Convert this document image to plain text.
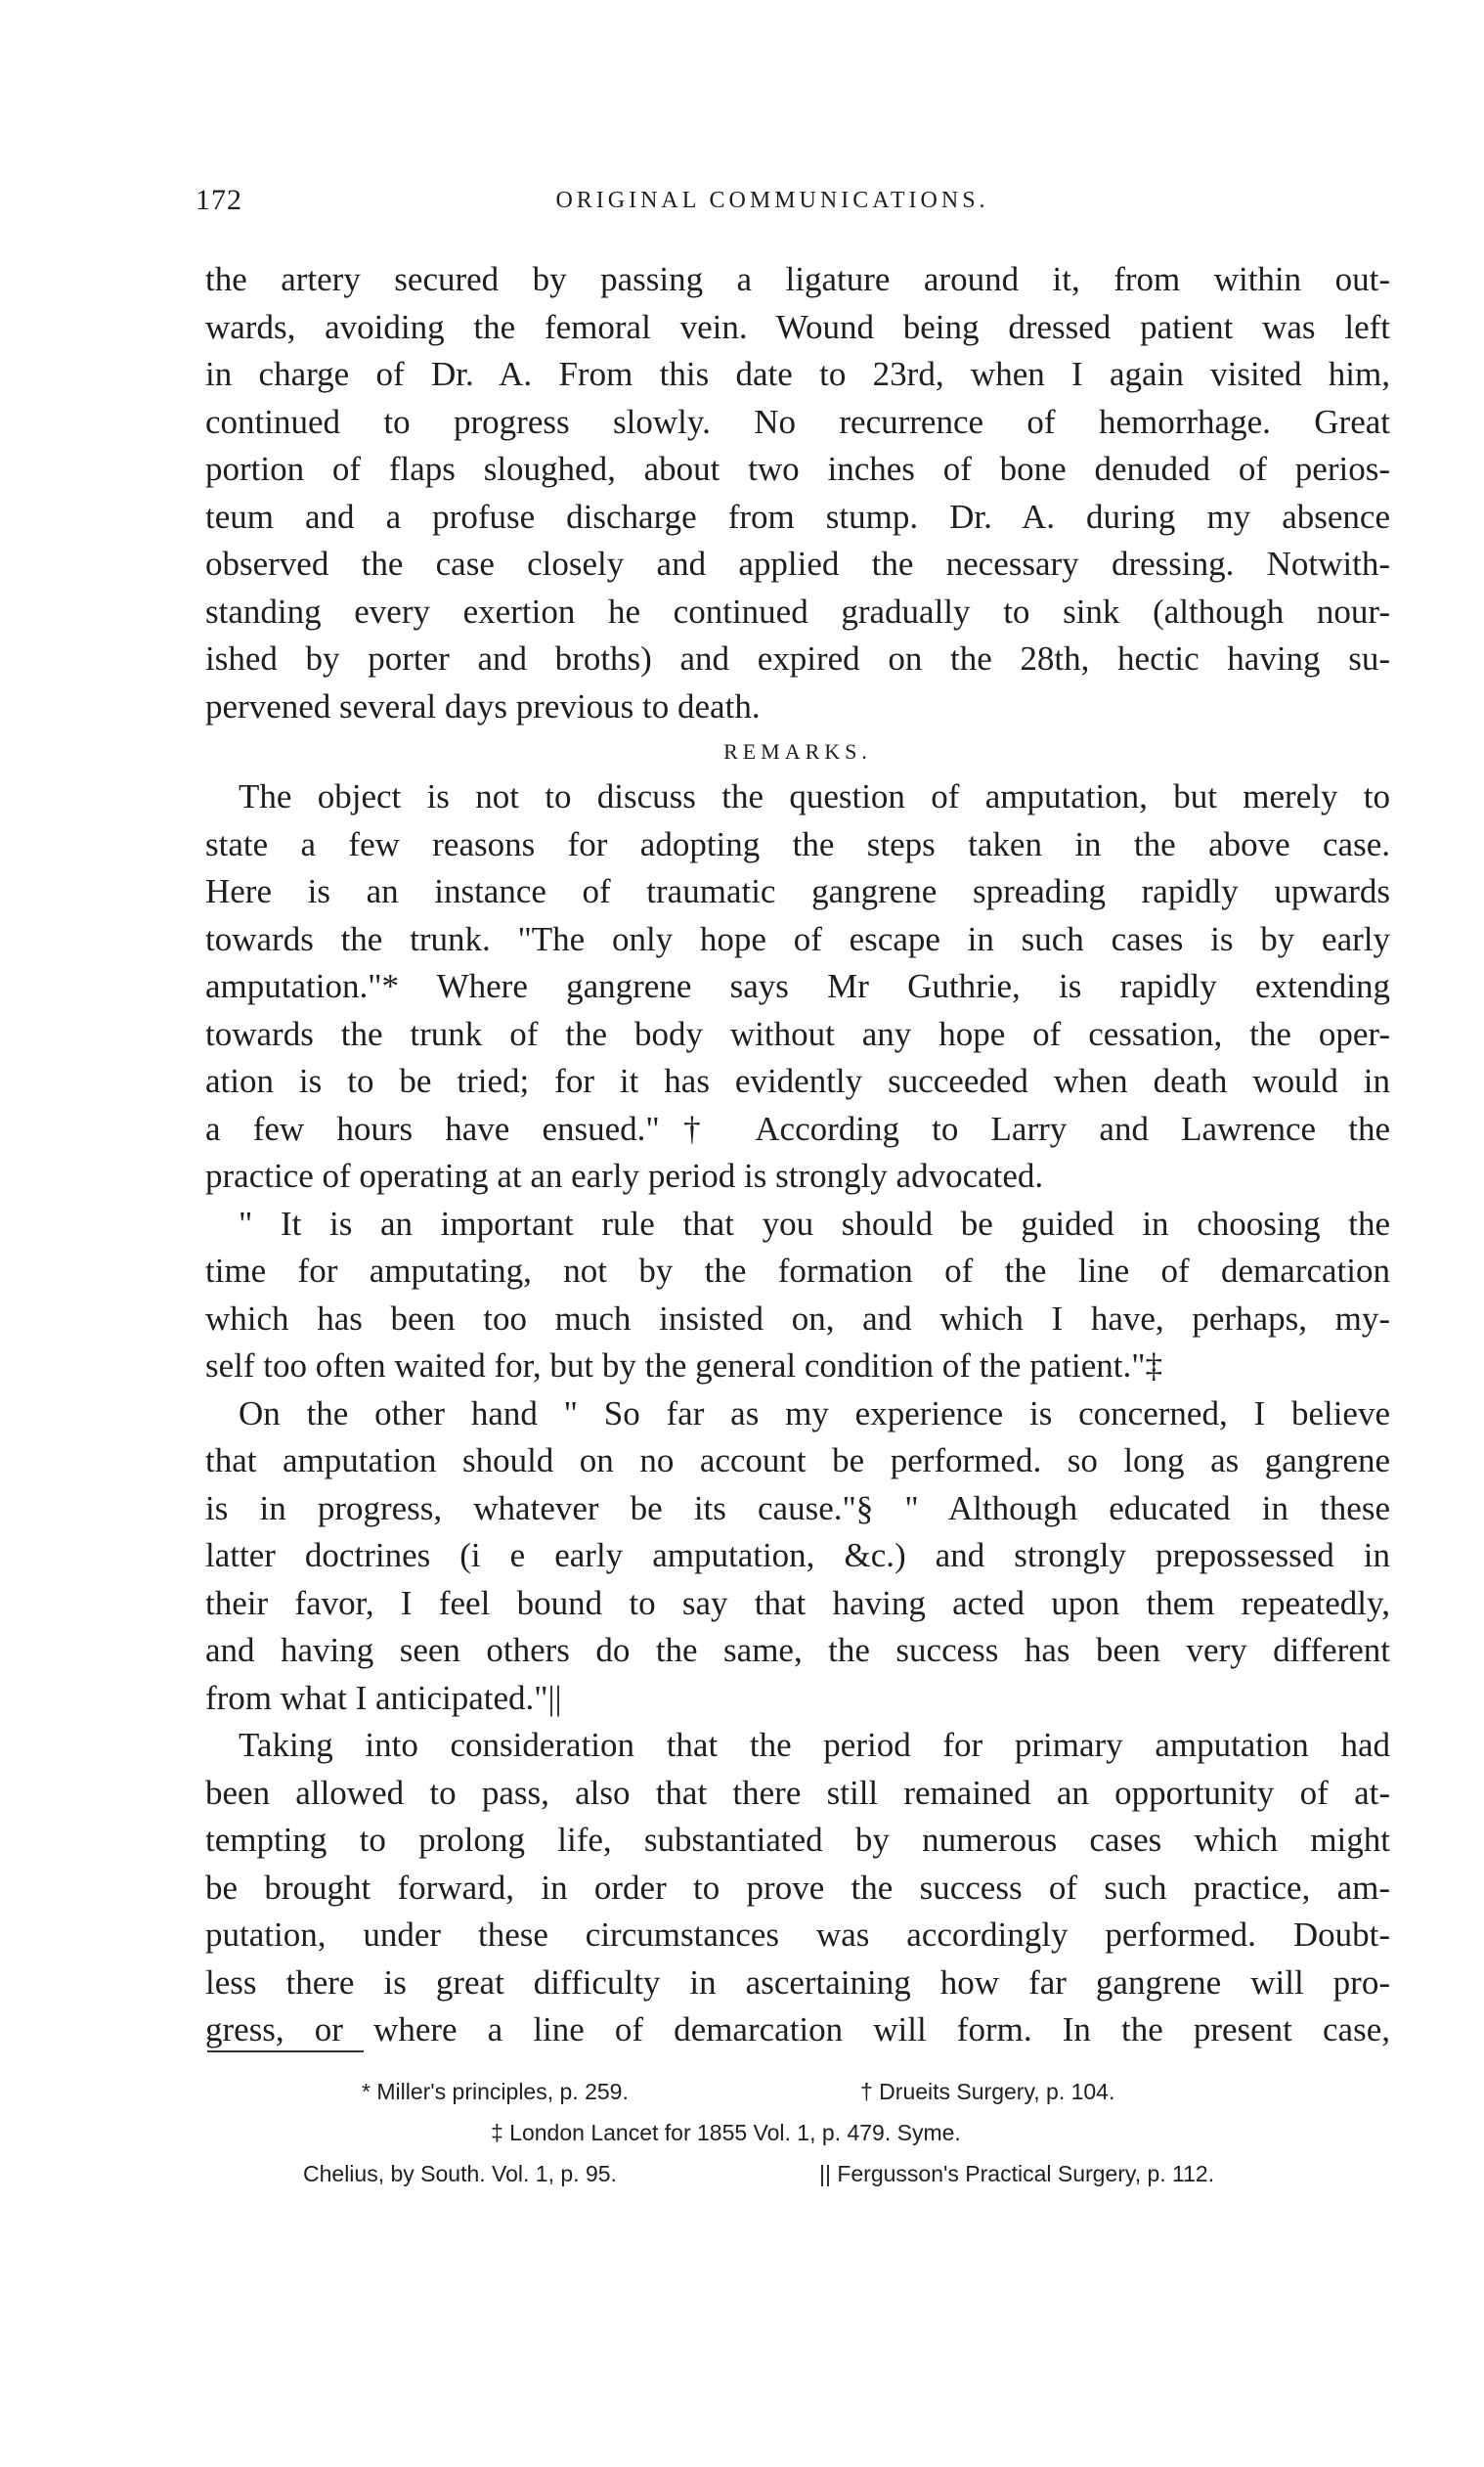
172	ORIGINAL COMMUNICATIONS.
the artery secured by passing a ligature around it, from within out-
wards, avoiding the femoral vein. Wound being dressed patient was left
in charge of Dr. A. From this date to 23rd, when I again visited him,
continued to progress slowly. No recurrence of hemorrhage. Great
portion of flaps sloughed, about two inches of bone denuded of perios-
teum and a profuse discharge from stump. Dr. A. during my absence
observed the case closely and applied the necessary dressing. Notwith-
standing every exertion he continued gradually to sink (although nour-
ished by porter and broths) and expired on the 28th, hectic having su-
pervened several days previous to death.
REMARKS.
The object is not to discuss the question of amputation, but merely to
state a few reasons for adopting the steps taken in the above case.
Here is an instance of traumatic gangrene spreading rapidly upwards
towards the trunk. "The only hope of escape in such cases is by early
amputation."* Where gangrene says Mr Guthrie, is rapidly extending
towards the trunk of the body without any hope of cessation, the oper-
ation is to be tried; for it has evidently succeeded when death would in
a few hours have ensued."† According to Larry and Lawrence the
practice of operating at an early period is strongly advocated.
" It is an important rule that you should be guided in choosing the
time for amputating, not by the formation of the line of demarcation
which has been too much insisted on, and which I have, perhaps, my-
self too often waited for, but by the general condition of the patient."‡
On the other hand " So far as my experience is concerned, I believe
that amputation should on no account be performed. so long as gangrene
is in progress, whatever be its cause."§ " Although educated in these
latter doctrines (i e early amputation, &c.) and strongly prepossessed in
their favor, I feel bound to say that having acted upon them repeatedly,
and having seen others do the same, the success has been very different
from what I anticipated."||
Taking into consideration that the period for primary amputation had
been allowed to pass, also that there still remained an opportunity of at-
tempting to prolong life, substantiated by numerous cases which might
be brought forward, in order to prove the success of such practice, am-
putation, under these circumstances was accordingly performed. Doubt-
less there is great difficulty in ascertaining how far gangrene will pro-
gress, or where a line of demarcation will form. In the present case,
* Miller's principles, p. 259.	† Drueits Surgery, p. 104.
‡ London Lancet for 1855 Vol. 1, p. 479. Syme.
Chelius, by South. Vol. 1, p. 95.	|| Fergusson's Practical Surgery, p. 112.
